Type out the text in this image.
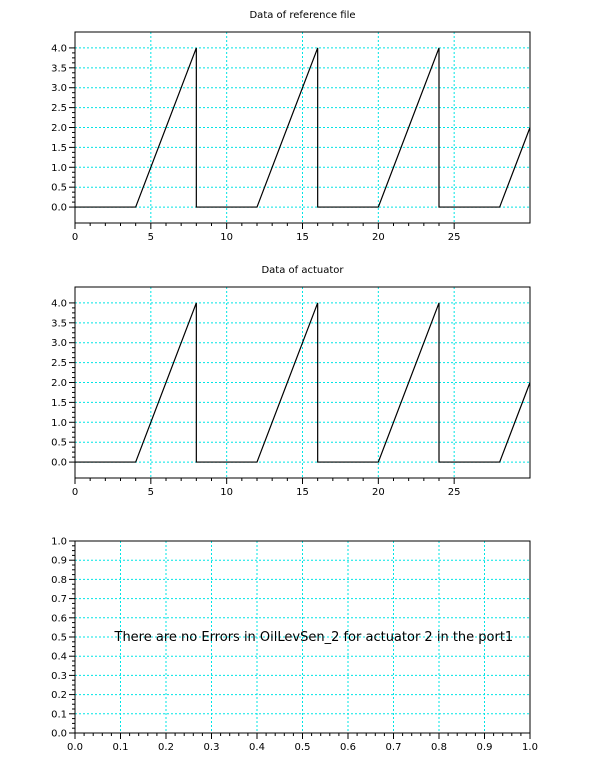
Data of reference file
0.0
0.5
1.0
1.5
2.0
2.5
3.0
3.5
4.0
0	5	10	15	20	25
Data of actuator
0.0
0.5
1.0
1.5
2.0
2.5
3.0
3.5
4.0
0	5	10	15	20	25
0.0
0.1
0.2
0.3
0.4
0.5
0.6
0.7
0.8
0.9
1.0
0.0	0.1	0.2	0.3	0.4	0.5	0.6	0.7	0.8	0.9	1.0
There are no Errors in OilLevSen_2 for actuator 2 in the port1
